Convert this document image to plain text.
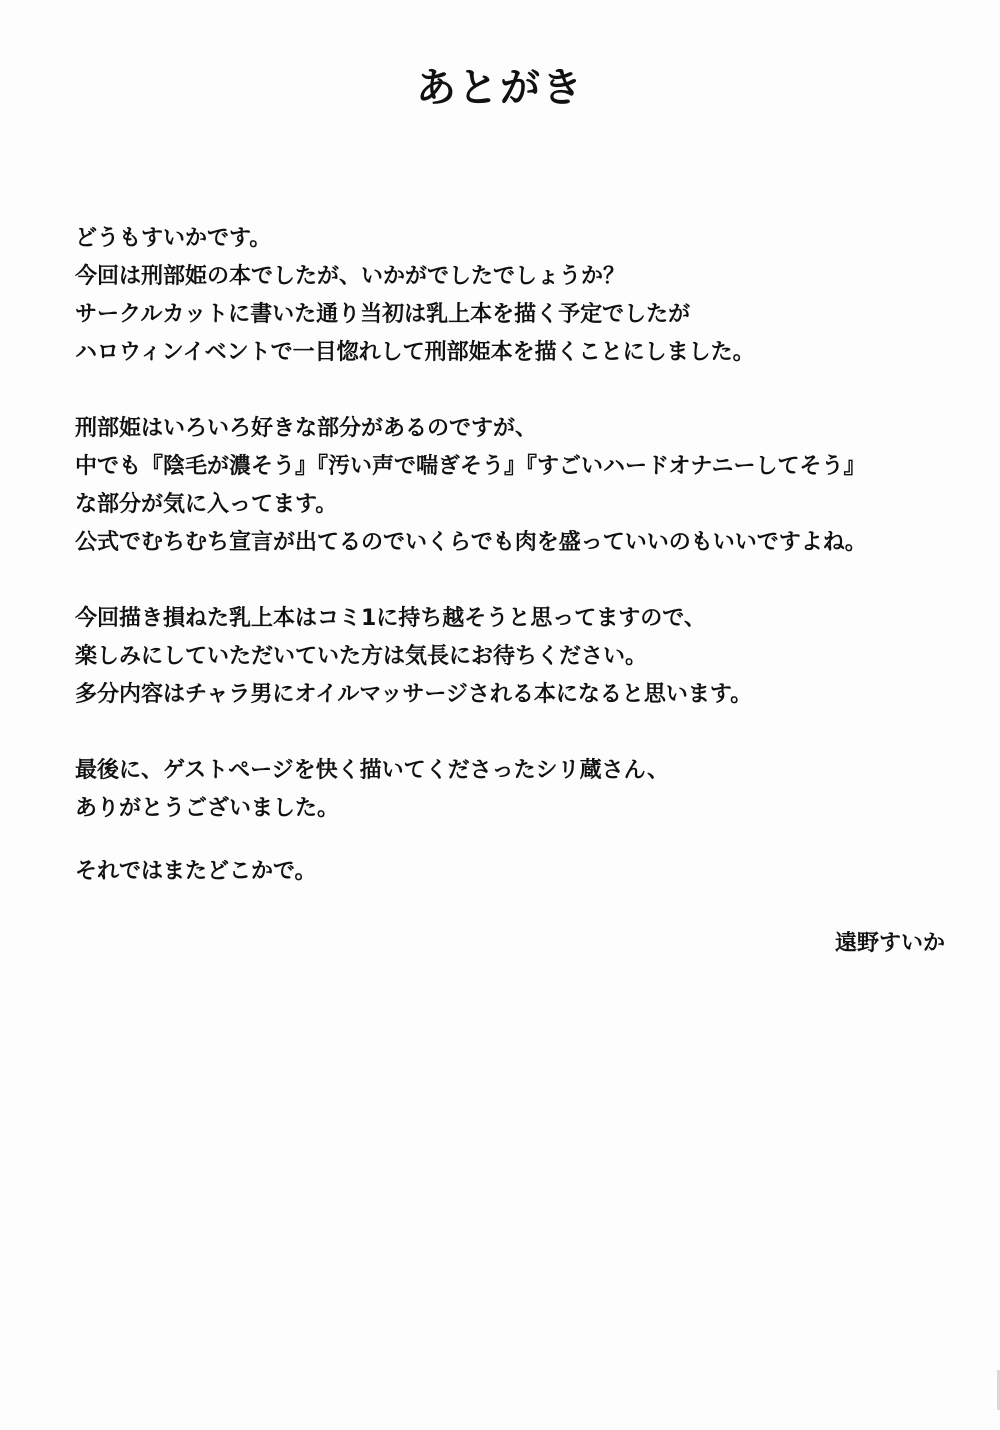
あとがき

どうもすいかです。
今回は刑部姫の本でしたが、いかがでしたでしょうか？
サークルカットに書いた通り当初は乳上本を描く予定でしたが
ハロウィンイベントで一目惚れして刑部姫本を描くことにしました。

刑部姫はいろいろ好きな部分があるのですが、
中でも『陰毛が濃そう』『汚い声で喘ぎそう』『すごいハードオナニーしてそう』
な部分が気に入ってます。
公式でむちむち宣言が出てるのでいくらでも肉を盛っていいのもいいですよね。

今回描き損ねた乳上本はコミ1に持ち越そうと思ってますので、
楽しみにしていただいていた方は気長にお待ちください。
多分内容はチャラ男にオイルマッサージされる本になると思います。

最後に、ゲストページを快く描いてくださったシリ蔵さん、
ありがとうございました。

それではまたどこかで。
遠野すいか
